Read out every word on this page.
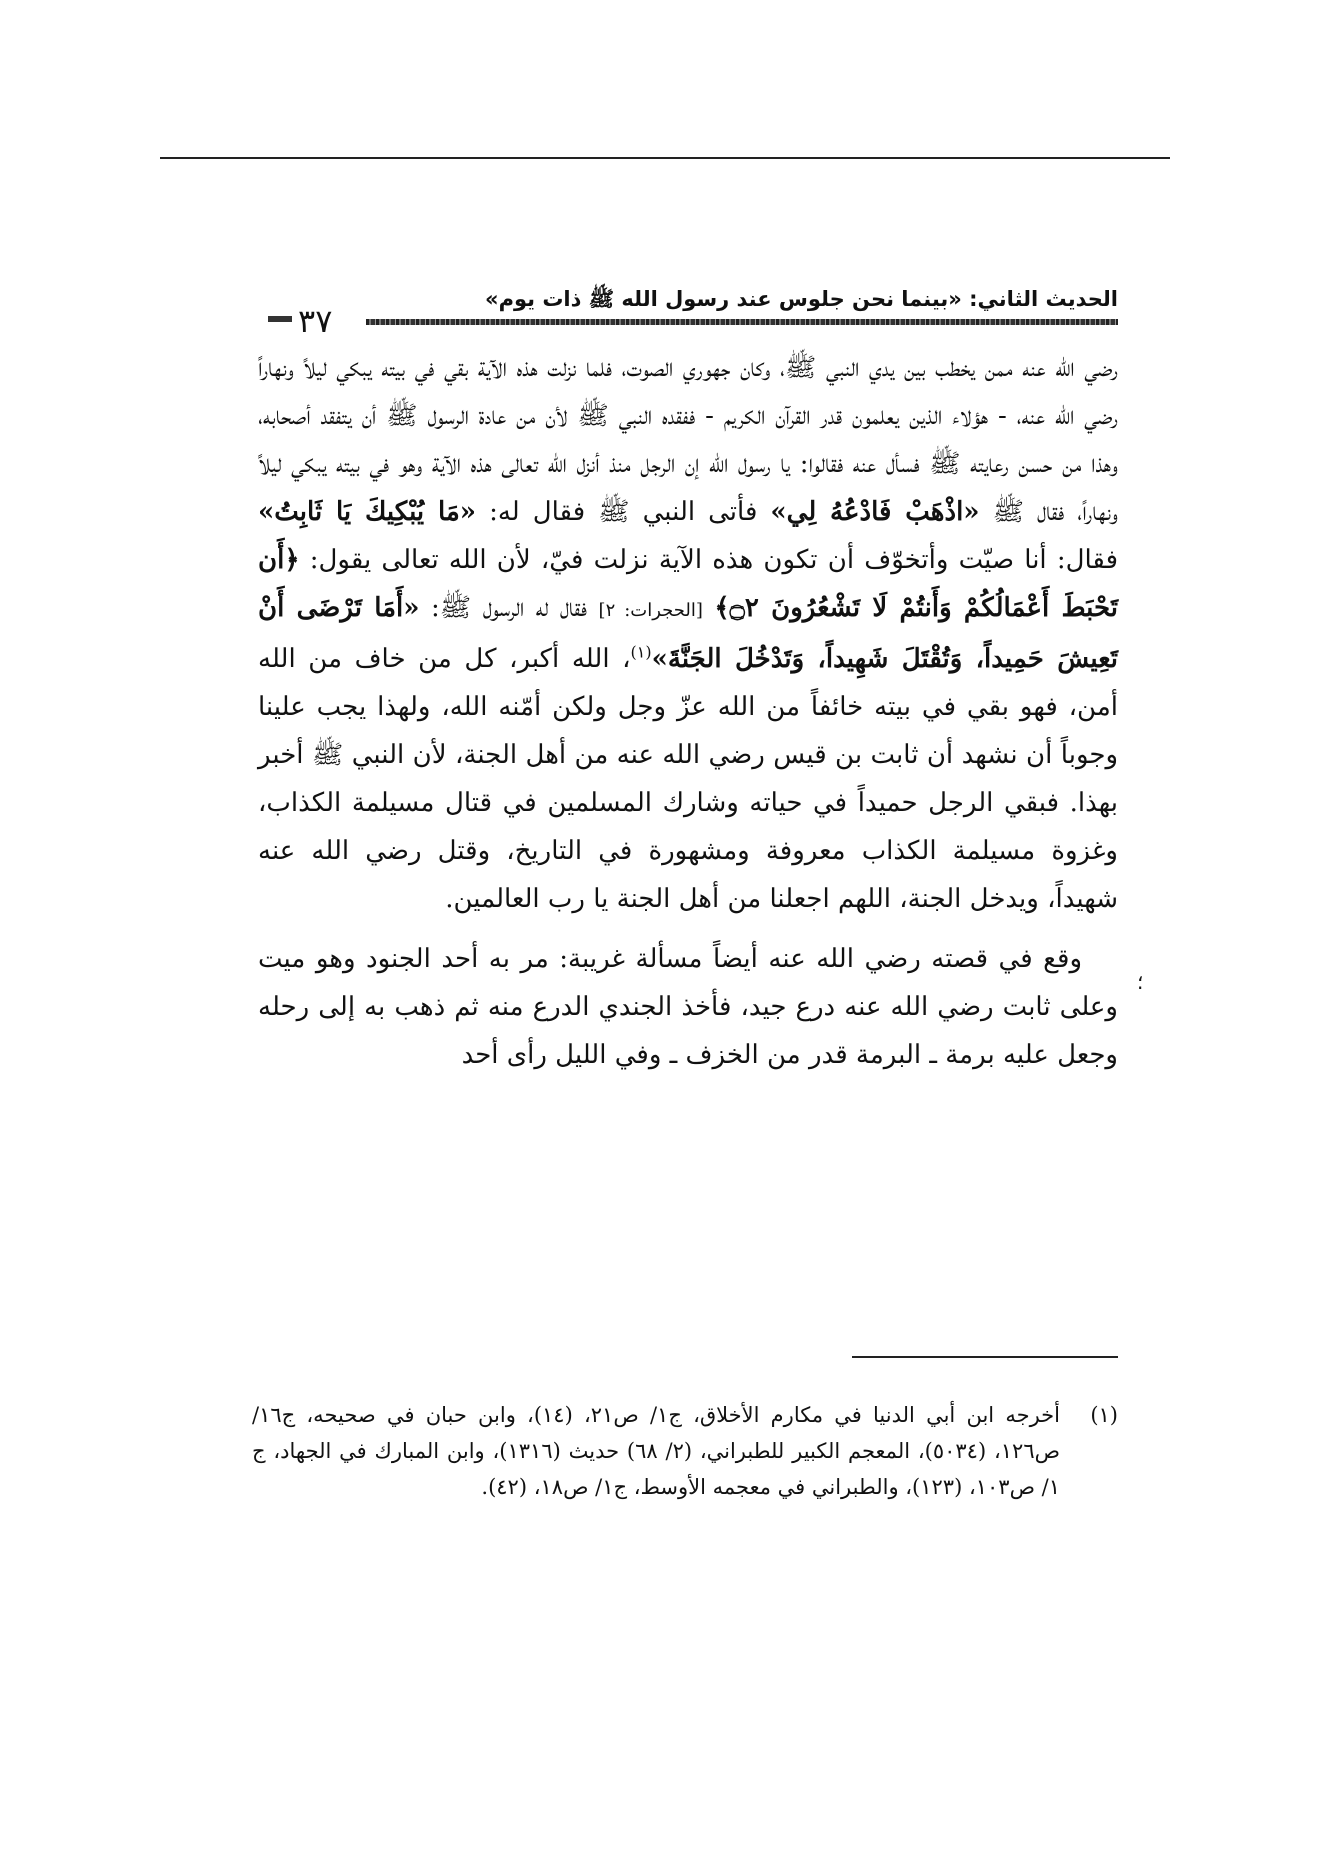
الحديث الثاني: «بينما نحن جلوس عند رسول الله ﷺ ذات يوم»
٣٧

رضي الله عنه ممن يخطب بين يدي النبي ﷺ، وكان جهوري الصوت، فلما نزلت هذه الآية بقي في بيته يبكي ليلاً ونهاراً رضي الله عنه، - هؤلاء الذين يعلمون قدر القرآن الكريم - ففقده النبي ﷺ لأن من عادة الرسول ﷺ أن يتفقد أصحابه، وهذا من حسن رعايته ﷺ فسأل عنه فقالوا: يا رسول الله إن الرجل منذ أنزل الله تعالى هذه الآية وهو في بيته يبكي ليلاً ونهاراً، فقال ﷺ «اذْهَبْ فَادْعُهُ لِي» فأتى النبي ﷺ فقال له: «مَا يُبْكِيكَ يَا ثَابِتُ» فقال: أنا صيّت وأتخوّف أن تكون هذه الآية نزلت فيّ، لأن الله تعالى يقول: ﴿أَن تَحْبَطَ أَعْمَالُكُمْ وَأَنتُمْ لَا تَشْعُرُونَ ۝٢﴾ [الحجرات: ٢] فقال له الرسول ﷺ: «أَمَا تَرْضَى أَنْ تَعِيشَ حَمِيداً، وَتُقْتَلَ شَهِيداً، وَتَدْخُلَ الجَنَّةَ»$^{(١)}$، الله أكبر، كل من خاف من الله أمن، فهو بقي في بيته خائفاً من الله عزّ وجل ولكن أمّنه الله، ولهذا يجب علينا وجوباً أن نشهد أن ثابت بن قيس رضي الله عنه من أهل الجنة، لأن النبي ﷺ أخبر بهذا. فبقي الرجل حميداً في حياته وشارك المسلمين في قتال مسيلمة الكذاب، وغزوة مسيلمة الكذاب معروفة ومشهورة في التاريخ، وقتل رضي الله عنه شهيداً، ويدخل الجنة، اللهم اجعلنا من أهل الجنة يا رب العالمين.

وقع في قصته رضي الله عنه أيضاً مسألة غريبة: مر به أحد الجنود وهو ميت وعلى ثابت رضي الله عنه درع جيد، فأخذ الجندي الدرع منه ثم ذهب به إلى رحله وجعل عليه برمة ـ البرمة قدر من الخزف ـ وفي الليل رأى أحد

؛
(١)
أخرجه ابن أبي الدنيا في مكارم الأخلاق، ج١/ ص٢١، (١٤)، وابن حبان في صحيحه، ج١٦/ ص١٢٦، (٥٠٣٤)، المعجم الكبير للطبراني، (٢/ ٦٨) حديث (١٣١٦)، وابن المبارك في الجهاد، ج ١/ ص١٠٣، (١٢٣)، والطبراني في معجمه الأوسط، ج١/ ص١٨، (٤٢).
